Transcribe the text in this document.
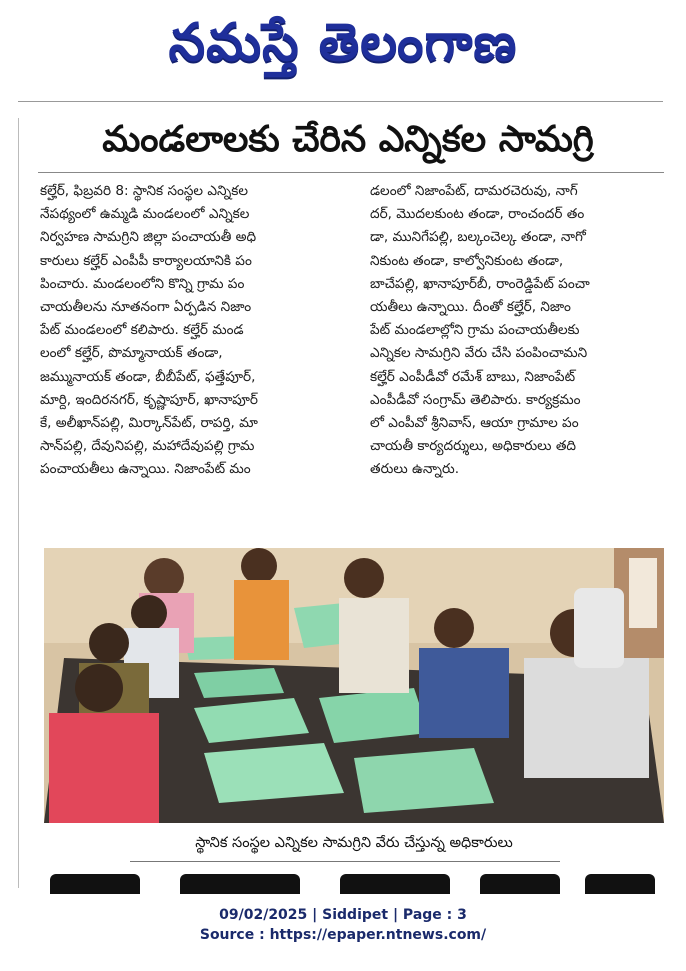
నమస్తే తెలంగాణ
మండలాలకు చేరిన ఎన్నికల సామగ్రి
కల్హేర్, ఫిబ్రవరి 8: స్థానిక సంస్థల ఎన్నికల
నేపథ్యంలో ఉమ్మడి మండలంలో ఎన్నికల
నిర్వహణ సామగ్రిని జిల్లా పంచాయతీ అధి
కారులు కల్హేర్ ఎంపీపీ కార్యాలయానికి పం
పించారు. మండలంలోని కొన్ని గ్రామ పం
చాయతీలను నూతనంగా ఏర్పడిన నిజాం
పేట్ మండలంలో కలిపారు. కల్హేర్ మండ
లంలో కల్హేర్, పొమ్మానాయక్ తండా,
జమ్మునాయక్ తండా, బీబీపేట్, ఫత్తేపూర్,
మార్ది, ఇందిరనగర్, కృష్ణాపూర్, ఖానాపూర్
కే, అలీఖాన్‌పల్లి, మిర్కాన్‌పేట్, రాపర్తి, మా
సాన్‌పల్లి, దేవునిపల్లి, మహాదేవుపల్లి గ్రామ
పంచాయతీలు ఉన్నాయి. నిజాంపేట్ మం
డలంలో నిజాంపేట్, దామరచెరువు, నాగ్
దర్, మొదలకుంట తండా, రాంచందర్ తం
డా, మునిగేపల్లి, బల్కంచెల్క తండా, నాగో
నికుంట తండా, కాల్వోనికుంట తండా,
బాచేపల్లి, ఖానాపూర్‌బీ, రాంరెడ్డిపేట్ పంచా
యతీలు ఉన్నాయి. దీంతో కల్హేర్, నిజాం
పేట్ మండలాల్లోని గ్రామ పంచాయతీలకు
ఎన్నికల సామగ్రిని వేరు చేసి పంపించామని
కల్హేర్ ఎంపీడీవో రమేశ్ బాబు, నిజాంపేట్
ఎంపీడీవో సంగ్రామ్ తెలిపారు. కార్యక్రమం
లో ఎంపీవో శ్రీనివాస్, ఆయా గ్రామాల పం
చాయతీ కార్యదర్శులు, అధికారులు తది
తరులు ఉన్నారు.
స్థానిక సంస్థల ఎన్నికల సామగ్రిని వేరు చేస్తున్న అధికారులు
09/02/2025 | Siddipet | Page : 3
Source : https://epaper.ntnews.com/
